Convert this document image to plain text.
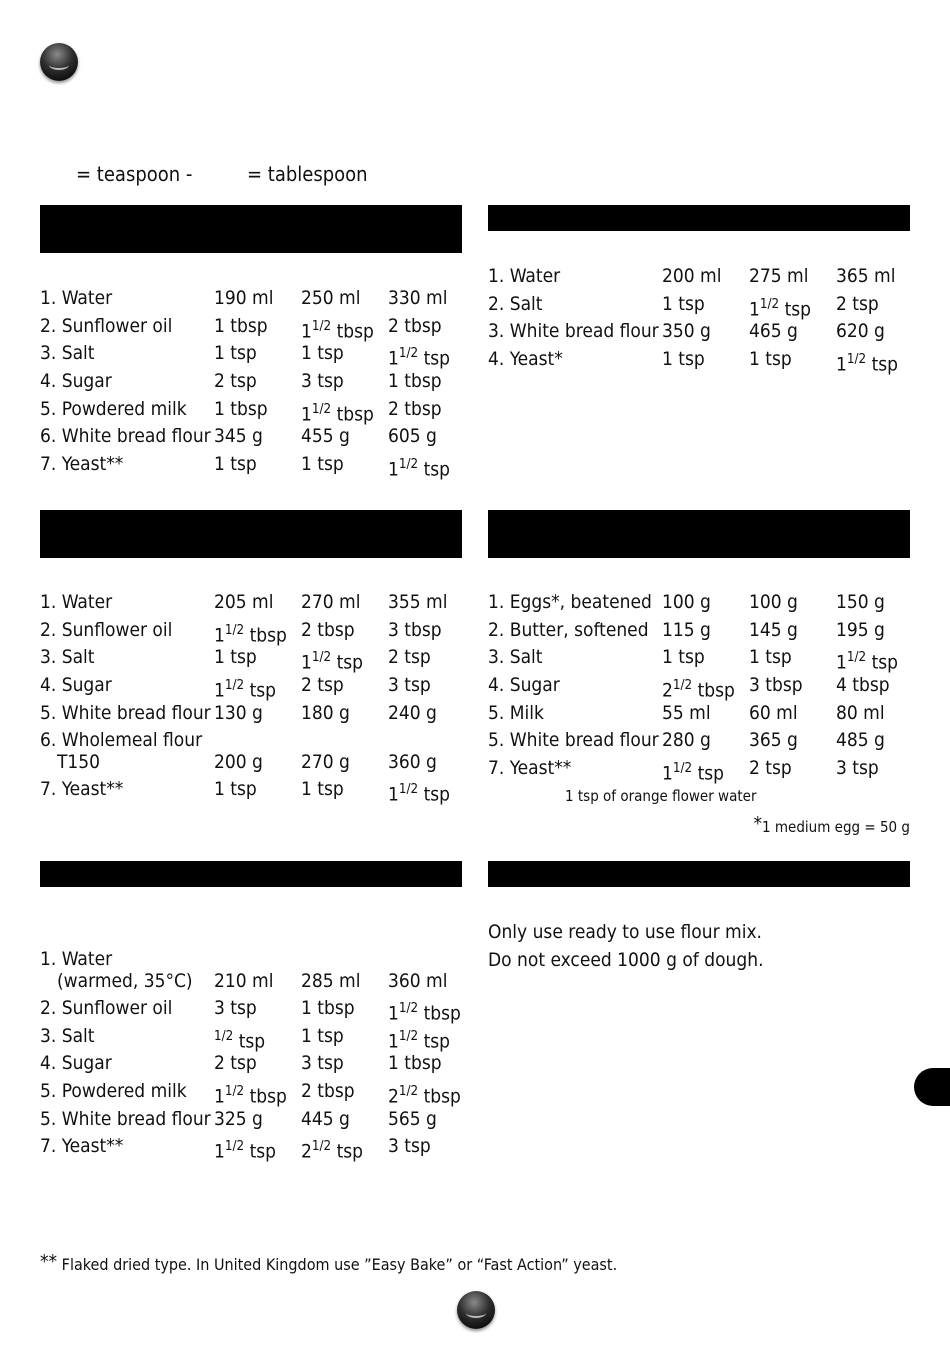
= teaspoon -	= tablespoon
1. Water	190 ml 250 ml 330 ml
2. Sunflower oil 1 tbsp $1^{1/2}$ tbsp 2 tbsp
3. Salt	1 tsp 1 tsp $1^{1/2}$ tsp
4. Sugar	2 tsp 3 tsp 1 tbsp
5. Powdered milk 1 tbsp $1^{1/2}$ tbsp 2 tbsp
6. White bread flour 345 g 455 g 605 g
7. Yeast**	1 tsp 1 tsp $1^{1/2}$ tsp
1. Water	200 ml 275 ml 365 ml
2. Salt	1 tsp $1^{1/2}$ tsp 2 tsp
3. White bread flour 350 g 465 g 620 g
4. Yeast*	1 tsp 1 tsp $1^{1/2}$ tsp
1. Water	205 ml 270 ml 355 ml
2. Sunflower oil $1^{1/2}$ tbsp 2 tbsp 3 tbsp
3. Salt	1 tsp $1^{1/2}$ tsp 2 tsp
4. Sugar	$1^{1/2}$ tsp 2 tsp 3 tsp
5. White bread flour 130 g 180 g 240 g
6. Wholemeal flour
T150	200 g 270 g 360 g
7. Yeast**	1 tsp 1 tsp $1^{1/2}$ tsp
1. Eggs*, beatened 100 g 100 g 150 g
2. Butter, softened 115 g 145 g 195 g
3. Salt	1 tsp 1 tsp $1^{1/2}$ tsp
4. Sugar	$2^{1/2}$ tbsp 3 tbsp 4 tbsp
5. Milk	55 ml 60 ml 80 ml
5. White bread flour 280 g 365 g 485 g
7. Yeast**	$1^{1/2}$ tsp 2 tsp 3 tsp
1. Water
(warmed, 35°C) 210 ml 285 ml 360 ml
2. Sunflower oil 3 tsp 1 tbsp $1^{1/2}$ tbsp
3. Salt	$^{1/2}$ tsp 1 tsp $1^{1/2}$ tsp
4. Sugar	2 tsp 3 tsp 1 tbsp
5. Powdered milk $1^{1/2}$ tbsp 2 tbsp $2^{1/2}$ tbsp
5. White bread flour 325 g 445 g 565 g
7. Yeast**	$1^{1/2}$ tsp $2^{1/2}$ tsp 3 tsp
1 tsp of orange flower water
*1 medium egg = 50 g
Only use ready to use flour mix.
Do not exceed 1000 g of dough.
** Flaked dried type. In United Kingdom use ”Easy Bake” or “Fast Action” yeast.
